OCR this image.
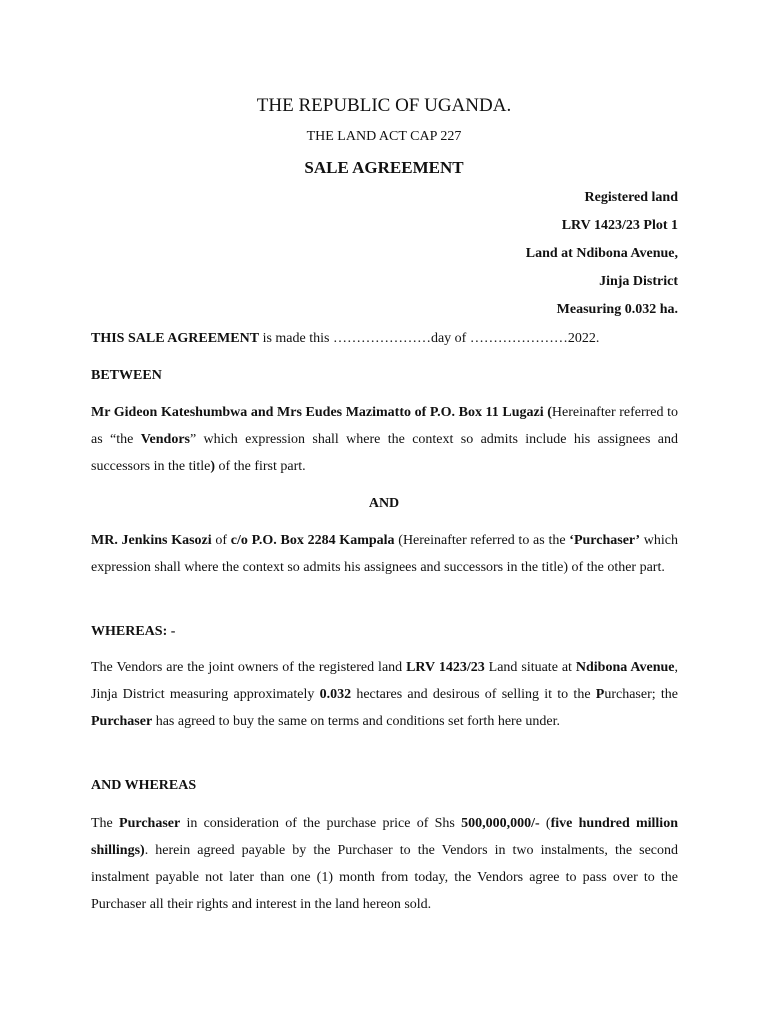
THE REPUBLIC OF UGANDA.

THE LAND ACT CAP 227

SALE AGREEMENT

Registered land

LRV 1423/23 Plot 1

Land at Ndibona Avenue,

Jinja District

Measuring 0.032 ha.

THIS SALE AGREEMENT is made this …………………day of …………………2022.

BETWEEN

Mr Gideon Kateshumbwa and Mrs Eudes Mazimatto of P.O. Box 11 Lugazi (Hereinafter referred to as “the Vendors” which expression shall where the context so admits include his assignees and successors in the title) of the first part.

AND

MR. Jenkins Kasozi of c/o P.O. Box 2284 Kampala (Hereinafter referred to as the ‘Purchaser’ which expression shall where the context so admits his assignees and successors in the title) of the other part.

WHEREAS: -

The Vendors are the joint owners of the registered land LRV 1423/23 Land situate at Ndibona Avenue, Jinja District measuring approximately 0.032 hectares and desirous of selling it to the Purchaser; the Purchaser has agreed to buy the same on terms and conditions set forth here under.

AND WHEREAS

The Purchaser in consideration of the purchase price of Shs 500,000,000/- (five hundred million shillings). herein agreed payable by the Purchaser to the Vendors in two instalments, the second instalment payable not later than one (1) month from today, the Vendors agree to pass over to the Purchaser all their rights and interest in the land hereon sold.
